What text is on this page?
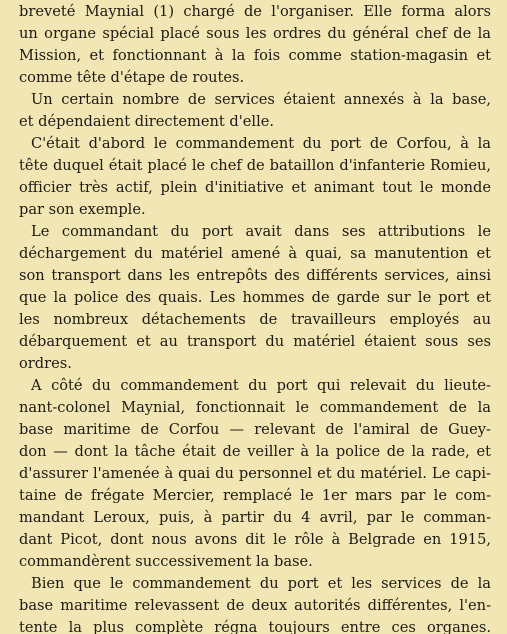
breveté Maynial (1) chargé de l'organiser. Elle forma alors
un organe spécial placé sous les ordres du général chef de la
Mission, et fonctionnant à la fois comme station-magasin et
comme tête d'étape de routes.
Un certain nombre de services étaient annexés à la base,
et dépendaient directement d'elle.
C'était d'abord le commandement du port de Corfou, à la
tête duquel était placé le chef de bataillon d'infanterie Romieu,
officier très actif, plein d'initiative et animant tout le monde
par son exemple.
Le commandant du port avait dans ses attributions le
déchargement du matériel amené à quai, sa manutention et
son transport dans les entrepôts des différents services, ainsi
que la police des quais. Les hommes de garde sur le port et
les nombreux détachements de travailleurs employés au
débarquement et au transport du matériel étaient sous ses
ordres.
A côté du commandement du port qui relevait du lieute-
nant-colonel Maynial, fonctionnait le commandement de la
base maritime de Corfou — relevant de l'amiral de Guey-
don — dont la tâche était de veiller à la police de la rade, et
d'assurer l'amenée à quai du personnel et du matériel. Le capi-
taine de frégate Mercier, remplacé le 1er mars par le com-
mandant Leroux, puis, à partir du 4 avril, par le comman-
dant Picot, dont nous avons dit le rôle à Belgrade en 1915,
commandèrent successivement la base.
Bien que le commandement du port et les services de la
base maritime relevassent de deux autorités différentes, l'en-
tente la plus complète régna toujours entre ces organes.
